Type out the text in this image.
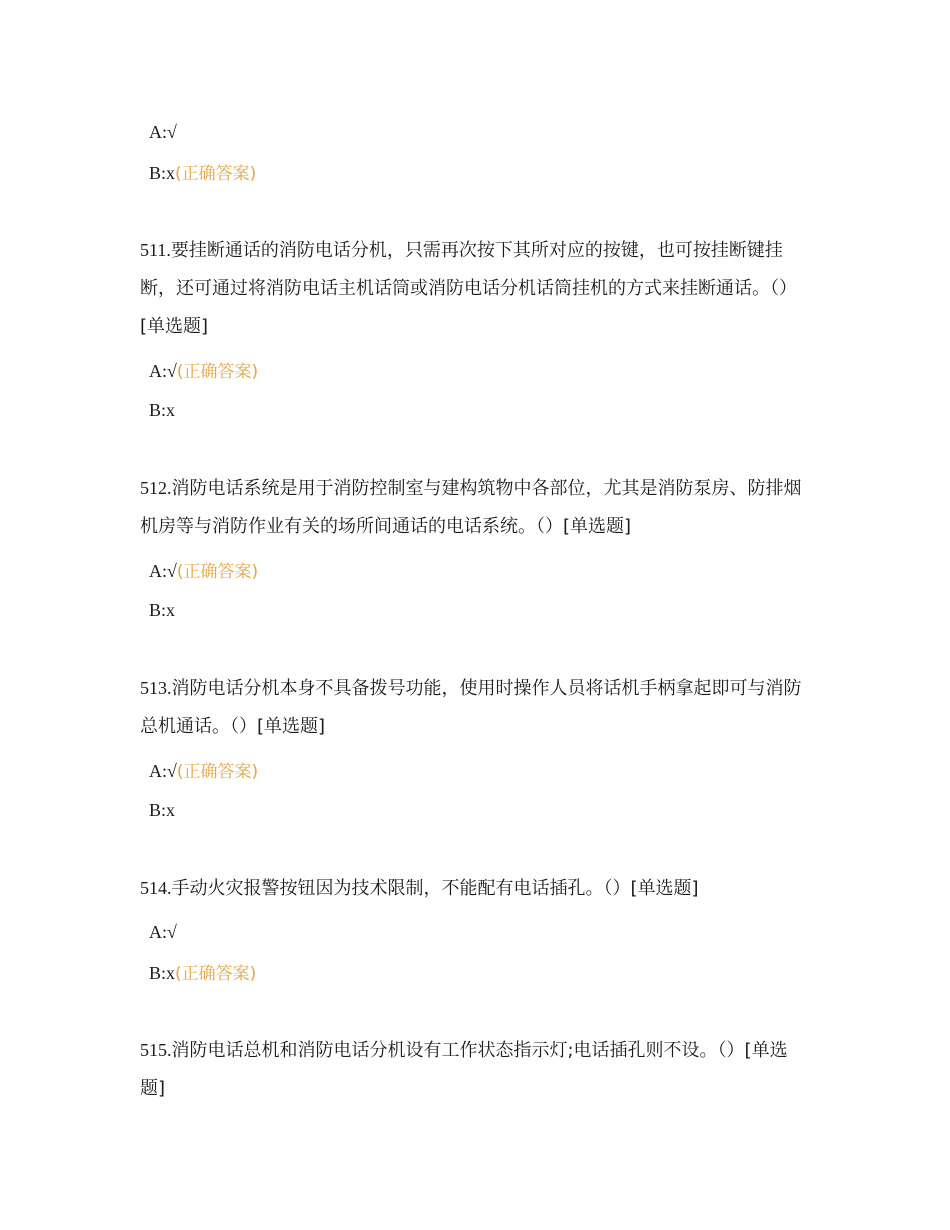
A:√
B:x(正确答案)
511.要挂断通话的消防电话分机，只需再次按下其所对应的按键，也可按挂断键挂断，还可通过将消防电话主机话筒或消防电话分机话筒挂机的方式来挂断通话。（）[单选题]
A:√(正确答案)
B:x
512.消防电话系统是用于消防控制室与建构筑物中各部位，尤其是消防泵房、防排烟机房等与消防作业有关的场所间通话的电话系统。（）[单选题]
A:√(正确答案)
B:x
513.消防电话分机本身不具备拨号功能，使用时操作人员将话机手柄拿起即可与消防总机通话。（）[单选题]
A:√(正确答案)
B:x
514.手动火灾报警按钮因为技术限制，不能配有电话插孔。（）[单选题]
A:√
B:x(正确答案)
515.消防电话总机和消防电话分机设有工作状态指示灯;电话插孔则不设。（）[单选题]
